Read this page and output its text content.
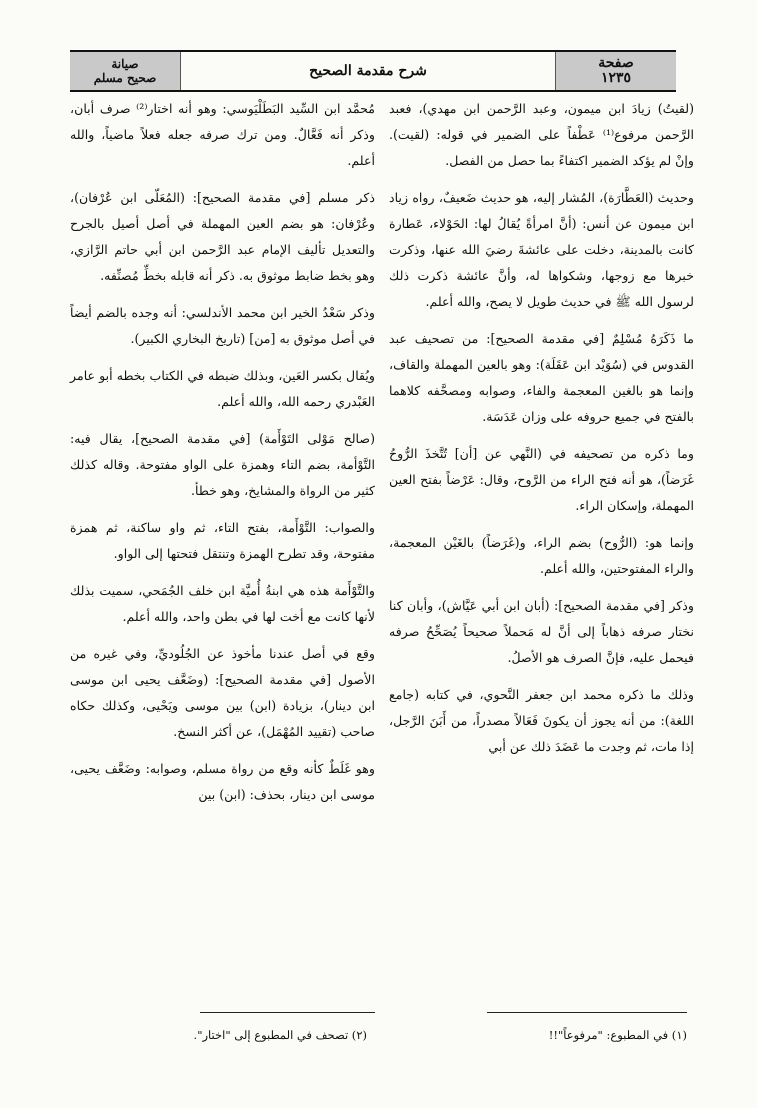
صفحة
١٢٣٥
شرح مقدمة الصحيح
صيانة
صحيح مسلم

(لقيتُ) زيادَ ابن ميمون، وعبد الرَّحمن ابن مهدي)، فعبد الرَّحمن مرفوع⁽¹⁾ عَطْفاً على الضمير في قوله: (لقيت). وإنْ لم يؤكد الضمير اكتفاءً بما حصل من الفصل.

وحديث (العَطَّارَة)، المُشار إليه، هو حديث ضَعيفٌ، رواه زياد ابن ميمون عن أنس: (أنَّ امرأةً يُقالُ لها: الحَوْلاء، عَطارة كانت بالمدينة، دخلت على عائشةَ رضيَ الله عنها، وذكرت خبرها مع زوجها، وشكواها له، وأنَّ عائشة ذكرت ذلك لرسول الله ﷺ في حديث طويل لا يصح، والله أعلم.

ما ذَكَرَهُ مُسْلِمٌ [في مقدمة الصحيح]: من تصحيف عبد القدوس في (سُوَيْد ابن عَقَلَة): وهو بالعين المهملة والقاف، وإنما هو بالغين المعجمة والفاء، وصوابه ومصحَّفه كلاهما بالفتح في جميع حروفه على وزان عَدَسَة.

وما ذكره من تصحيفه في (النَّهي عن [أن] تُتَّخذَ الرُّوحُ غَرَضاً)، هو أنه فتح الراء من الرَّوح، وقال: عَرْضاً بفتح العين المهملة، وإسكان الراء.

وإنما هو: (الرُّوح) بضم الراء، و(غَرَضاً) بالغَيْن المعجمة، والراء المفتوحتين، والله أعلم.

وذكر [في مقدمة الصحيح]: (أبان ابن أبي عَيَّاش)، وأبان كنا نختار صرفه ذهاباً إلى أنَّ له مَحملاً صحيحاً يُصَحِّحُ صرفه فيحمل عليه، فإنَّ الصرف هو الأصلُ.

وذلك ما ذكره محمد ابن جعفر النَّحوي، في كتابه (جامع اللغة): من أنه يجوز أن يكونَ فَعَالاً مصدراً، من أَبَنَ الرَّجل، إذا مات، ثم وجدت ما عَضَدَ ذلك عن أبي

مُحمَّد ابن السِّيد البَطَلْيَوسي: وهو أنه اختار⁽²⁾ صرف أبان، وذكر أنه فَعَّالٌ. ومن ترك صرفه جعله فعلاً ماضياً، والله أعلم.

ذكر مسلم [في مقدمة الصحيح]: (المُعَلّى ابن عُرْفان)، وعُرْفان: هو بضم العين المهملة في أصل أصيل بالجرح والتعديل تأليف الإمام عبد الرَّحمن ابن أبي حاتم الرَّازي، وهو بخط ضابط موثوق به. ذكر أنه قابله بخطِّ مُصنِّفه.

وذكر سَعْدُ الخير ابن محمد الأندلسي: أنه وجده بالضم أيضاً في أصل موثوق به [من] (تاريخ البخاري الكبير).

ويُقال بكسر العَين، وبذلك ضبطه في الكتاب بخطه أبو عامر العَبْدري رحمه الله، والله أعلم.

(صالح مَوْلى التَوْأَمة) [في مقدمة الصحيح]، يقال فيه: التَّوْأمة، بضم التاء وهمزة على الواو مفتوحة. وقاله كذلك كثير من الرواة والمشايخ، وهو خطأ.

والصواب: التَّوْأَمة، بفتح التاء، ثم واو ساكنة، ثم همزة مفتوحة، وقد تطرح الهمزة وتنتقل فتحتها إلى الواو.

والتَّوْأَمة هذه هي ابنةُ أُميَّة ابن خلف الجُمَحي، سميت بذلك لأنها كانت مع أخت لها في بطن واحد، والله أعلم.

وقع في أصل عندنا مأخوذ عن الجُلُوديِّ، وفي غيره من الأصول [في مقدمة الصحيح]: (وضَعَّف يحيى ابن موسى ابن دينار)، بزيادة (ابن) بين موسى ويَحْيى، وكذلك حكاه صاحب (تقييد المُهْمَل)، عن أكثر النسخ.

وهو غَلَطٌ كأنه وقع من رواة مسلم، وصوابه: وضَعَّف يحيى، موسى ابن دينار، بحذف: (ابن) بين

(١) في المطبوع: "مرفوعاً"!!
(٢) تصحف في المطبوع إلى "اختار".
